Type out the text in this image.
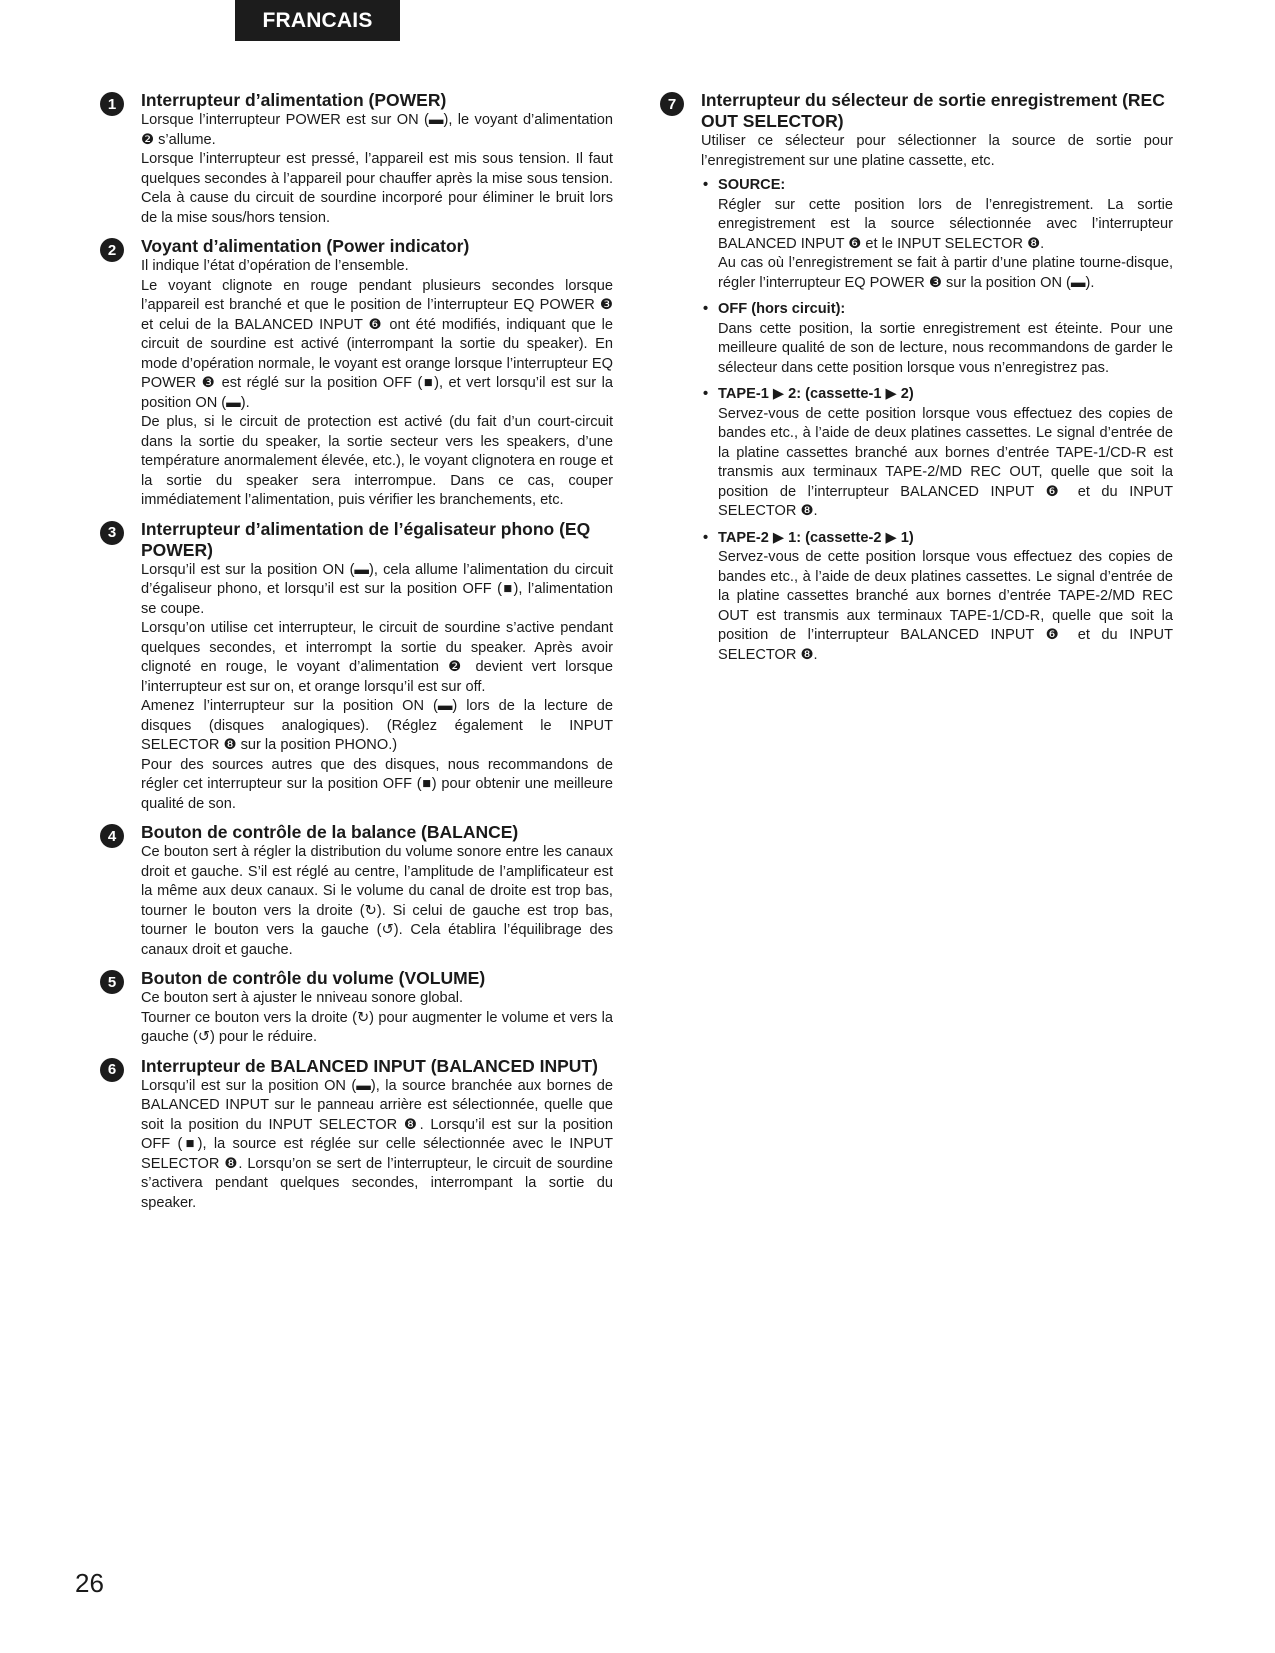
FRANCAIS
1	Interrupteur d’alimentation (POWER)

Lorsque l’interrupteur POWER est sur ON (▬), le voyant d’alimentation ❷ s’allume.

Lorsque l’interrupteur est pressé, l’appareil est mis sous tension. Il faut quelques secondes à l’appareil pour chauffer après la mise sous tension. Cela à cause du circuit de sourdine incorporé pour éliminer le bruit lors de la mise sous/hors tension.

2	Voyant d’alimentation (Power indicator)

Il indique l’état d’opération de l’ensemble.

Le voyant clignote en rouge pendant plusieurs secondes lorsque l’appareil est branché et que le position de l’interrupteur EQ POWER ❸ et celui de la BALANCED INPUT ❻ ont été modifiés, indiquant que le circuit de sourdine est activé (interrompant la sortie du speaker). En mode d’opération normale, le voyant est orange lorsque l’interrupteur EQ POWER ❸ est réglé sur la position OFF (■), et vert lorsqu’il est sur la position ON (▬).

De plus, si le circuit de protection est activé (du fait d’un court-circuit dans la sortie du speaker, la sortie secteur vers les speakers, d’une température anormalement élevée, etc.), le voyant clignotera en rouge et la sortie du speaker sera interrompue. Dans ce cas, couper immédiatement l’alimentation, puis vérifier les branchements, etc.

3	Interrupteur d’alimentation de l’égalisateur phono (EQ POWER)

Lorsqu’il est sur la position ON (▬), cela allume l’alimentation du circuit d’égaliseur phono, et lorsqu’il est sur la position OFF (■), l’alimentation se coupe.

Lorsqu’on utilise cet interrupteur, le circuit de sourdine s’active pendant quelques secondes, et interrompt la sortie du speaker. Après avoir clignoté en rouge, le voyant d’alimentation ❷ devient vert lorsque l’interrupteur est sur on, et orange lorsqu’il est sur off.

Amenez l’interrupteur sur la position ON (▬) lors de la lecture de disques (disques analogiques). (Réglez également le INPUT SELECTOR ❽ sur la position PHONO.)

Pour des sources autres que des disques, nous recommandons de régler cet interrupteur sur la position OFF (■) pour obtenir une meilleure qualité de son.

4	Bouton de contrôle de la balance (BALANCE)

Ce bouton sert à régler la distribution du volume sonore entre les canaux droit et gauche. S’il est réglé au centre, l’amplitude de l’amplificateur est la même aux deux canaux. Si le volume du canal de droite est trop bas, tourner le bouton vers la droite (↻). Si celui de gauche est trop bas, tourner le bouton vers la gauche (↺). Cela établira l’équilibrage des canaux droit et gauche.

5	Bouton de contrôle du volume (VOLUME)

Ce bouton sert à ajuster le nniveau sonore global.

Tourner ce bouton vers la droite (↻) pour augmenter le volume et vers la gauche (↺) pour le réduire.

6	Interrupteur de BALANCED INPUT (BALANCED INPUT)

Lorsqu’il est sur la position ON (▬), la source branchée aux bornes de BALANCED INPUT sur le panneau arrière est sélectionnée, quelle que soit la position du INPUT SELECTOR ❽. Lorsqu’il est sur la position OFF (■), la source est réglée sur celle sélectionnée avec le INPUT SELECTOR ❽. Lorsqu’on se sert de l’interrupteur, le circuit de sourdine s’activera pendant quelques secondes, interrompant la sortie du speaker.

7	Interrupteur du sélecteur de sortie enregistrement (REC OUT SELECTOR)

Utiliser ce sélecteur pour sélectionner la source de sortie pour l’enregistrement sur une platine cassette, etc.

• SOURCE:

Régler sur cette position lors de l’enregistrement. La sortie enregistrement est la source sélectionnée avec l’interrupteur BALANCED INPUT ❻ et le INPUT SELECTOR ❽.

Au cas où l’enregistrement se fait à partir d’une platine tourne-disque, régler l’interrupteur EQ POWER ❸ sur la position ON (▬).

• OFF (hors circuit):

Dans cette position, la sortie enregistrement est éteinte. Pour une meilleure qualité de son de lecture, nous recommandons de garder le sélecteur dans cette position lorsque vous n’enregistrez pas.

• TAPE-1 ▶ 2: (cassette-1 ▶ 2)

Servez-vous de cette position lorsque vous effectuez des copies de bandes etc., à l’aide de deux platines cassettes. Le signal d’entrée de la platine cassettes branché aux bornes d’entrée TAPE-1/CD-R est transmis aux terminaux TAPE-2/MD REC OUT, quelle que soit la position de l’interrupteur BALANCED INPUT ❻ et du INPUT SELECTOR ❽.

• TAPE-2 ▶ 1: (cassette-2 ▶ 1)

Servez-vous de cette position lorsque vous effectuez des copies de bandes etc., à l’aide de deux platines cassettes. Le signal d’entrée de la platine cassettes branché aux bornes d’entrée TAPE-2/MD REC OUT est transmis aux terminaux TAPE-1/CD-R, quelle que soit la position de l’interrupteur BALANCED INPUT ❻ et du INPUT SELECTOR ❽.

26
